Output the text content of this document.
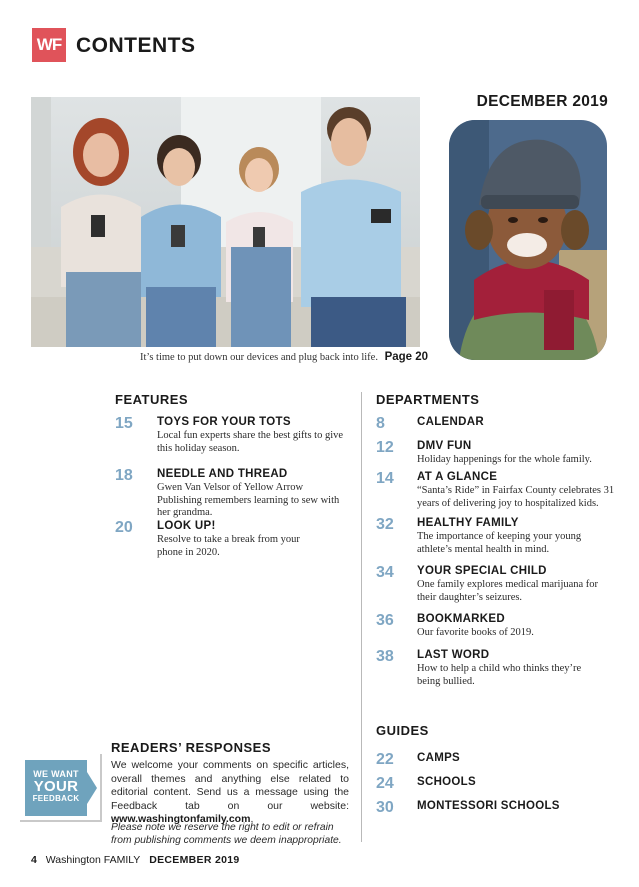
WF CONTENTS
DECEMBER 2019
It’s time to put down our devices and plug back into life. Page 20
FEATURES
15	TOYS FOR YOUR TOTS
Local fun experts share the best gifts to give this holiday season.
18	NEEDLE AND THREAD
Gwen Van Velsor of Yellow Arrow Publishing remembers learning to sew with her grandma.
20	LOOK UP!
Resolve to take a break from your phone in 2020.
DEPARTMENTS
8	CALENDAR
12	DMV FUN
Holiday happenings for the whole family.
14	AT A GLANCE
“Santa’s Ride” in Fairfax County celebrates 31 years of delivering joy to hospitalized kids.
32	HEALTHY FAMILY
The importance of keeping your young athlete’s mental health in mind.
34	YOUR SPECIAL CHILD
One family explores medical marijuana for their daughter’s seizures.
36	BOOKMARKED
Our favorite books of 2019.
38	LAST WORD
How to help a child who thinks they’re being bullied.
GUIDES
22	CAMPS
24	SCHOOLS
30	MONTESSORI SCHOOLS
READERS’ RESPONSES
WE WANT
YOUR
FEEDBACK
We welcome your comments on specific articles, overall themes and anything else related to editorial content. Send us a message using the Feedback tab on our website: www.washingtonfamily.com.
Please note we reserve the right to edit or refrain from publishing comments we deem inappropriate.
4 Washington FAMILY DECEMBER 2019
